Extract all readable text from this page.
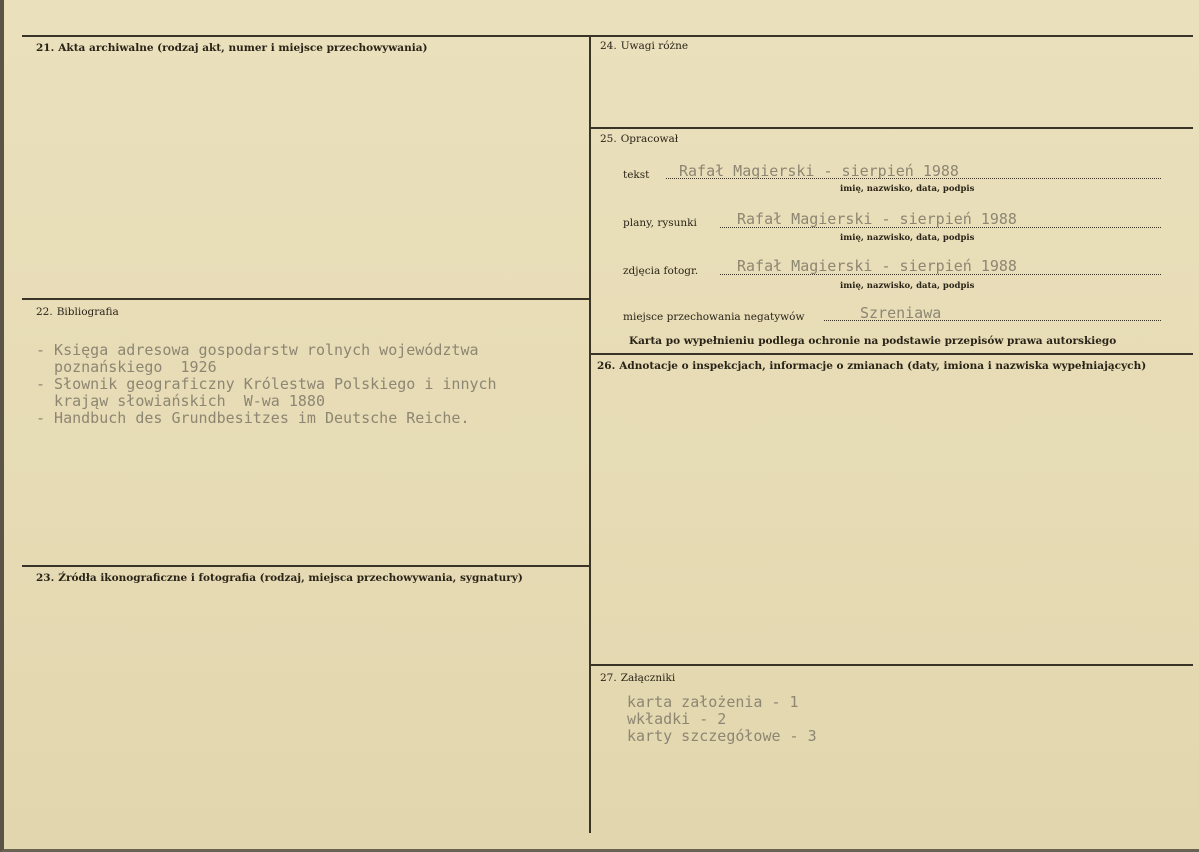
21. Akta archiwalne (rodzaj akt, numer i miejsce przechowywania)
22. Bibliografia
- Księga adresowa gospodarstw rolnych województwa
poznańskiego  1926
- Słownik geograficzny Królestwa Polskiego i innych
krająw słowiańskich  W-wa 1880
- Handbuch des Grundbesitzes im Deutsche Reiche.
23. Źródła ikonograficzne i fotografia (rodzaj, miejsca przechowywania, sygnatury)
24. Uwagi różne
25. Opracował
tekst Rafał Magierski - sierpień 1988
imię, nazwisko, data, podpis
plany, rysunki	Rafał Magierski - sierpień 1988
imię, nazwisko, data, podpis
zdjęcia fotogr.	Rafał Magierski - sierpień 1988
imię, nazwisko, data, podpis
miejsce przechowania negatywów	Szreniawa
Karta po wypełnieniu podlega ochronie na podstawie przepisów prawa autorskiego
26. Adnotacje o inspekcjach, informacje o zmianach (daty, imiona i nazwiska wypełniających)
27. Załączniki
karta założenia - 1
wkładki - 2
karty szczegółowe - 3
